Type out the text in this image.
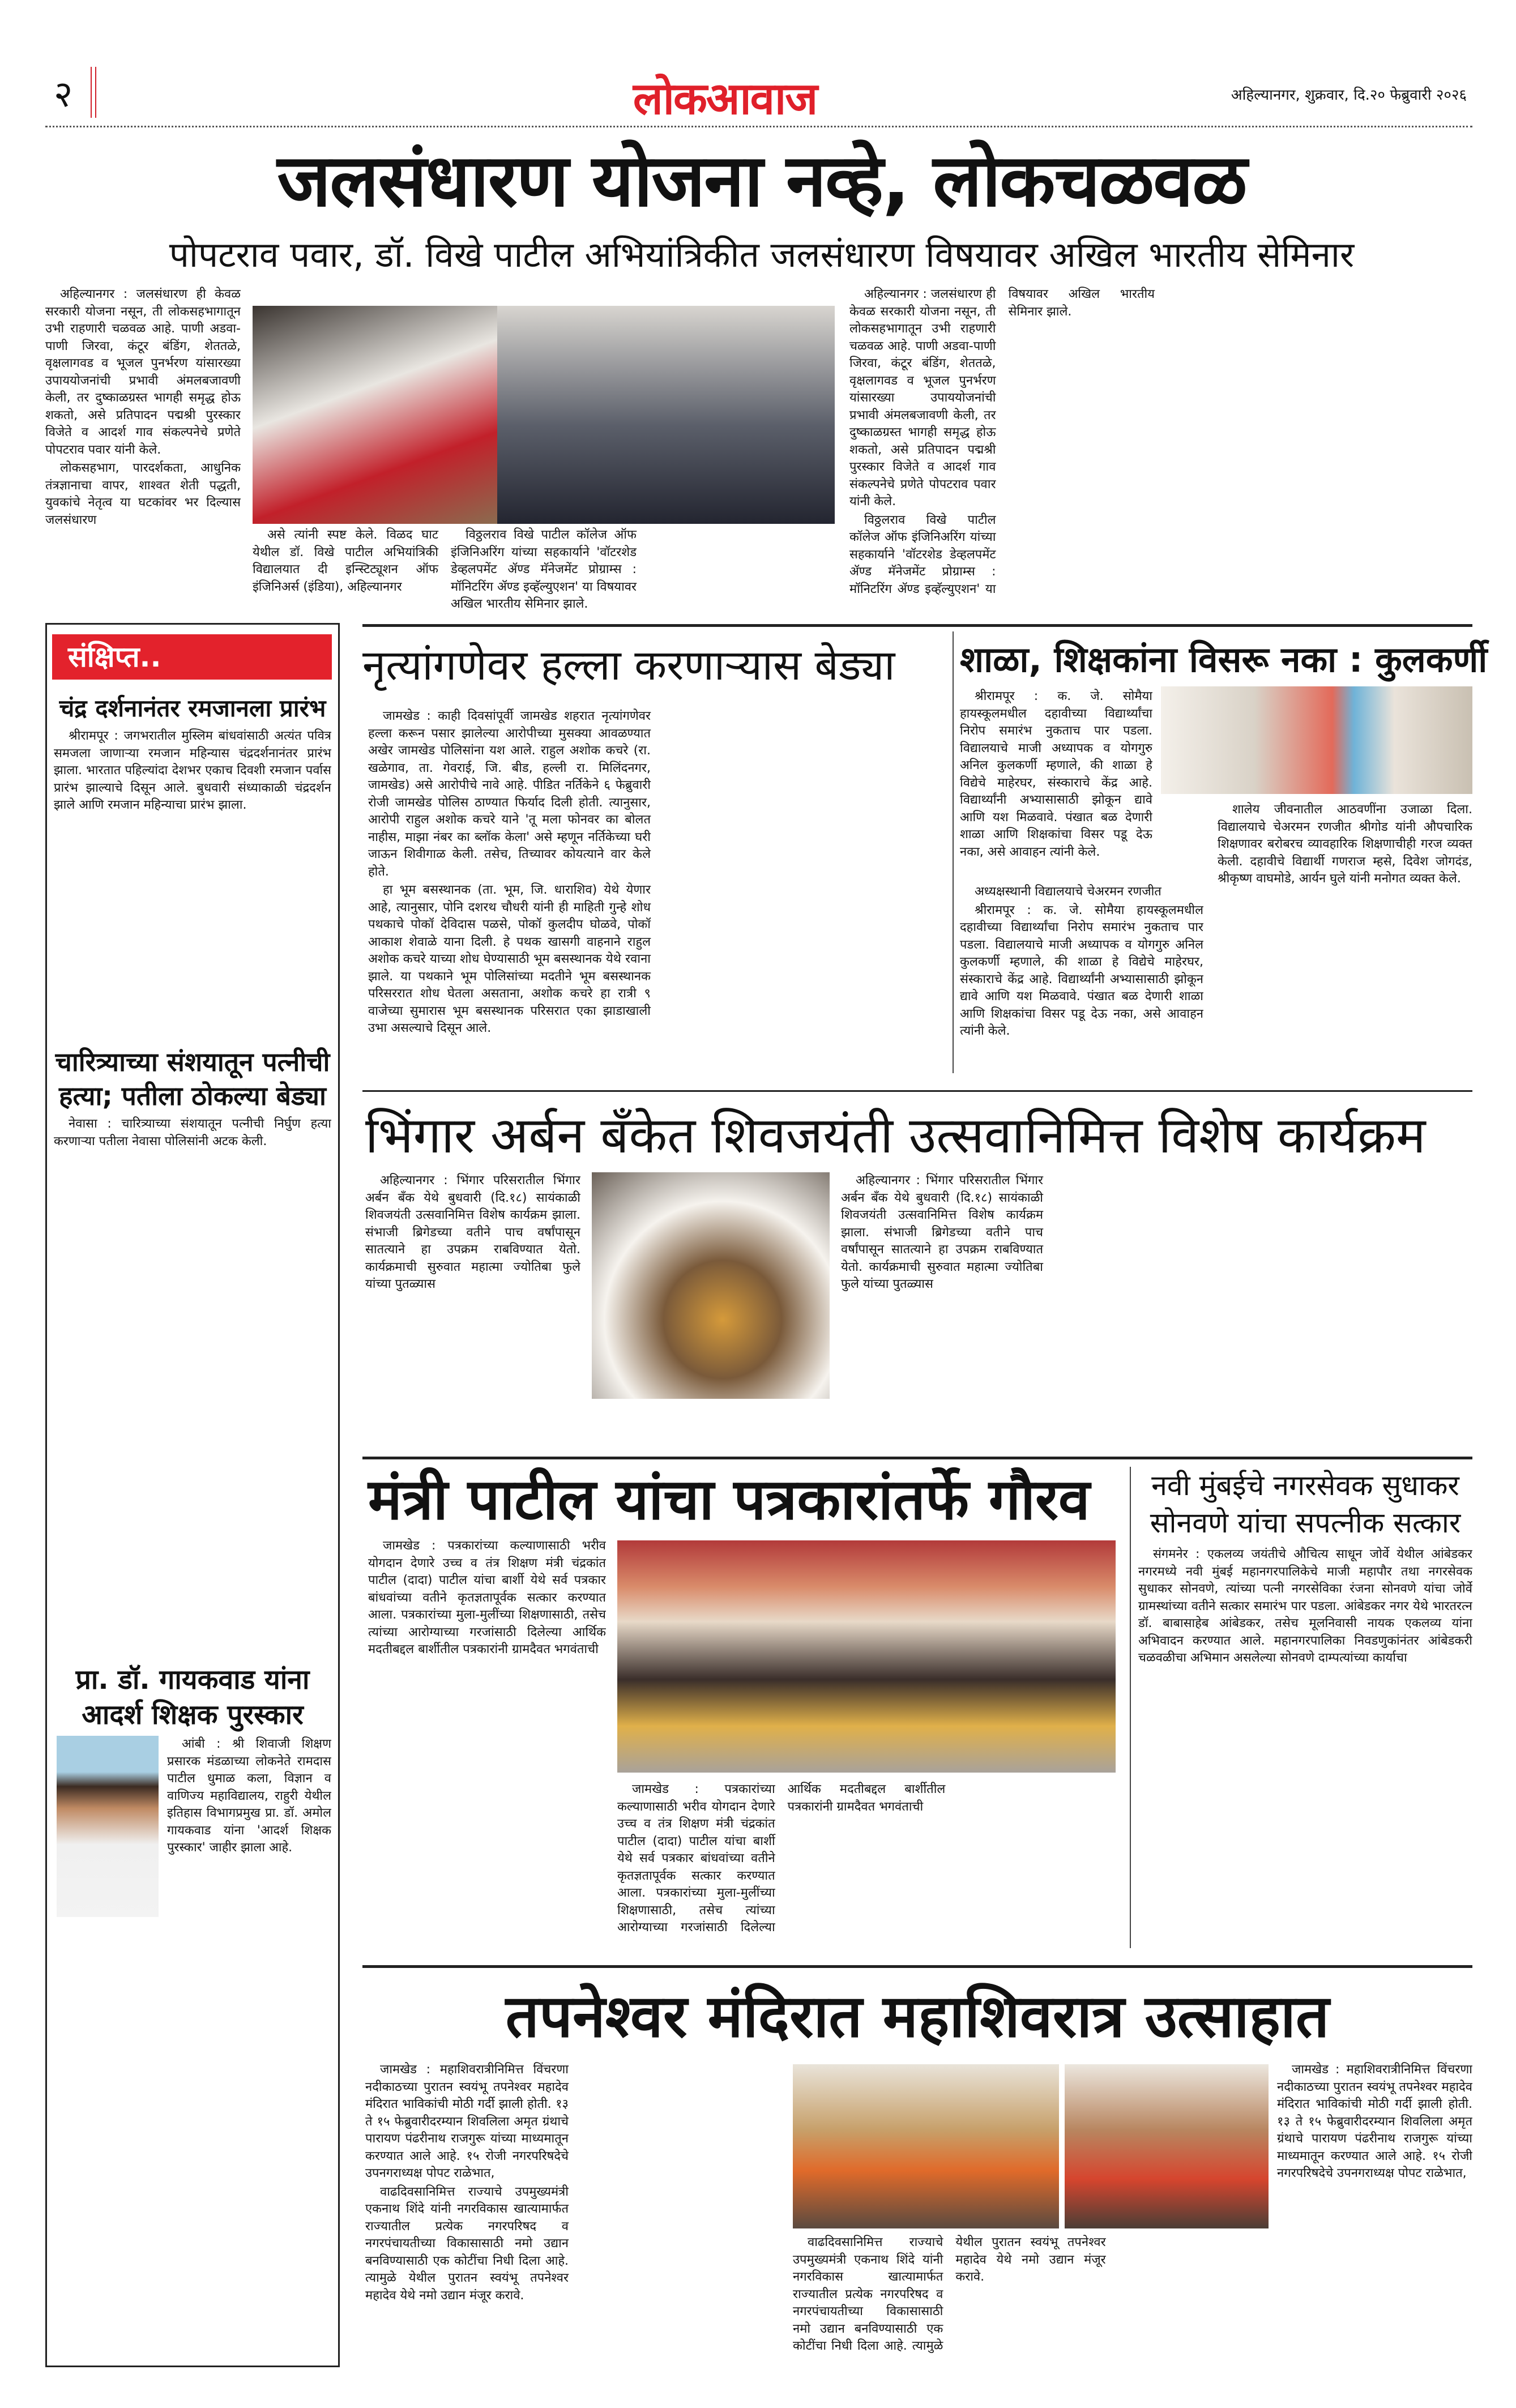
२	लोकआवाज	अहिल्यानगर, शुक्रवार, दि.२० फेब्रुवारी २०२६
जलसंधारण योजना नव्हे, लोकचळवळ
पोपटराव पवार, डॉ. विखे पाटील अभियांत्रिकीत जलसंधारण विषयावर अखिल भारतीय सेमिनार

अहिल्यानगर : जलसंधारण ही केवळ सरकारी योजना नसून, ती लोकसहभागातून उभी राहणारी चळवळ आहे. पाणी अडवा-पाणी जिरवा, कंटूर बंडिंग, शेततळे, वृक्षलागवड व भूजल पुनर्भरण यांसारख्या उपाययोजनांची प्रभावी अंमलबजावणी केली, तर दुष्काळग्रस्त भागही समृद्ध होऊ शकतो, असे प्रतिपादन पद्मश्री पुरस्कार विजेते व आदर्श गाव संकल्पनेचे प्रणेते पोपटराव पवार यांनी केले.

लोकसहभाग, पारदर्शकता, आधुनिक तंत्रज्ञानाचा वापर, शाश्वत शेती पद्धती, युवकांचे नेतृत्व या घटकांवर भर दिल्यास जलसंधारण

असे त्यांनी स्पष्ट केले. विळद घाट येथील डॉ. विखे पाटील अभियांत्रिकी विद्यालयात दी इन्स्टिट्यूशन ऑफ इंजिनिअर्स (इंडिया), अहिल्यानगर

विठ्ठलराव विखे पाटील कॉलेज ऑफ इंजिनिअरिंग यांच्या सहकार्याने 'वॉटरशेड डेव्हलपमेंट ॲण्ड मॅनेजमेंट प्रोग्राम्स : मॉनिटरिंग ॲण्ड इव्हॅल्युएशन' या विषयावर अखिल भारतीय सेमिनार झाले.

अहिल्यानगर : जलसंधारण ही केवळ सरकारी योजना नसून, ती लोकसहभागातून उभी राहणारी चळवळ आहे. पाणी अडवा-पाणी जिरवा, कंटूर बंडिंग, शेततळे, वृक्षलागवड व भूजल पुनर्भरण यांसारख्या उपाययोजनांची प्रभावी अंमलबजावणी केली, तर दुष्काळग्रस्त भागही समृद्ध होऊ शकतो, असे प्रतिपादन पद्मश्री पुरस्कार विजेते व आदर्श गाव संकल्पनेचे प्रणेते पोपटराव पवार यांनी केले.

विठ्ठलराव विखे पाटील कॉलेज ऑफ इंजिनिअरिंग यांच्या सहकार्याने 'वॉटरशेड डेव्हलपमेंट ॲण्ड मॅनेजमेंट प्रोग्राम्स : मॉनिटरिंग ॲण्ड इव्हॅल्युएशन' या विषयावर अखिल भारतीय सेमिनार झाले.

संक्षिप्त..
चंद्र दर्शनानंतर रमजानला प्रारंभ

श्रीरामपूर : जगभरातील मुस्लिम बांधवांसाठी अत्यंत पवित्र समजला जाणाऱ्या रमजान महिन्यास चंद्रदर्शनानंतर प्रारंभ झाला. भारतात पहिल्यांदा देशभर एकाच दिवशी रमजान पर्वास प्रारंभ झाल्याचे दिसून आले. बुधवारी संध्याकाळी चंद्रदर्शन झाले आणि रमजान महिन्याचा प्रारंभ झाला.

चारित्र्याच्या संशयातून पत्नीची हत्या; पतीला ठोकल्या बेड्या

नेवासा : चारित्र्याच्या संशयातून पत्नीची निर्घुण हत्या करणाऱ्या पतीला नेवासा पोलिसांनी अटक केली.

प्रा. डॉ. गायकवाड यांना आदर्श शिक्षक पुरस्कार

आंबी : श्री शिवाजी शिक्षण प्रसारक मंडळाच्या लोकनेते रामदास पाटील धुमाळ कला, विज्ञान व वाणिज्य महाविद्यालय, राहुरी येथील इतिहास विभागप्रमुख प्रा. डॉ. अमोल गायकवाड यांना 'आदर्श शिक्षक पुरस्कार' जाहीर झाला आहे.

नृत्यांगणेवर हल्ला करणाऱ्यास बेड्या

जामखेड : काही दिवसांपूर्वी जामखेड शहरात नृत्यांगणेवर हल्ला करून पसार झालेल्या आरोपीच्या मुसक्या आवळण्यात अखेर जामखेड पोलिसांना यश आले. राहुल अशोक कचरे (रा. खळेगाव, ता. गेवराई, जि. बीड, हल्ली रा. मिलिंदनगर, जामखेड) असे आरोपीचे नावे आहे. पीडित नर्तिकेने ६ फेब्रुवारी रोजी जामखेड पोलिस ठाण्यात फिर्याद दिली होती. त्यानुसार, आरोपी राहुल अशोक कचरे याने 'तू मला फोनवर का बोलत नाहीस, माझा नंबर का ब्लॉक केला' असे म्हणून नर्तिकेच्या घरी जाऊन शिवीगाळ केली. तसेच, तिच्यावर कोयत्याने वार केले होते.

हा भूम बसस्थानक (ता. भूम, जि. धाराशिव) येथे येणार आहे, त्यानुसार, पोनि दशरथ चौधरी यांनी ही माहिती गुन्हे शोध पथकाचे पोकॉ देविदास पळसे, पोकॉ कुलदीप घोळवे, पोकॉ आकाश शेवाळे याना दिली. हे पथक खासगी वाहनाने राहुल अशोक कचरे याच्या शोध घेण्यासाठी भूम बसस्थानक येथे रवाना झाले. या पथकाने भूम पोलिसांच्या मदतीने भूम बसस्थानक परिसररात शोध घेतला असताना, अशोक कचरे हा रात्री ९ वाजेच्या सुमारास भूम बसस्थानक परिसरात एका झाडाखाली उभा असल्याचे दिसून आले.

शाळा, शिक्षकांना विसरू नका : कुलकर्णी

श्रीरामपूर : क. जे. सोमैया हायस्कूलमधील दहावीच्या विद्यार्थ्यांचा निरोप समारंभ नुकताच पार पडला. विद्यालयाचे माजी अध्यापक व योगगुरु अनिल कुलकर्णी म्हणाले, की शाळा हे विद्येचे माहेरघर, संस्काराचे केंद्र आहे. विद्यार्थ्यांनी अभ्यासासाठी झोकून द्यावे आणि यश मिळवावे. पंखात बळ देणारी शाळा आणि शिक्षकांचा विसर पडू देऊ नका, असे आवाहन त्यांनी केले.

अध्यक्षस्थानी विद्यालयाचे चेअरमन रणजीत

श्रीरामपूर : क. जे. सोमैया हायस्कूलमधील दहावीच्या विद्यार्थ्यांचा निरोप समारंभ नुकताच पार पडला. विद्यालयाचे माजी अध्यापक व योगगुरु अनिल कुलकर्णी म्हणाले, की शाळा हे विद्येचे माहेरघर, संस्काराचे केंद्र आहे. विद्यार्थ्यांनी अभ्यासासाठी झोकून द्यावे आणि यश मिळवावे. पंखात बळ देणारी शाळा आणि शिक्षकांचा विसर पडू देऊ नका, असे आवाहन त्यांनी केले.

शालेय जीवनातील आठवणींना उजाळा दिला. विद्यालयाचे चेअरमन रणजीत श्रीगोड यांनी औपचारिक शिक्षणावर बरोबरच व्यावहारिक शिक्षणाचीही गरज व्यक्त केली. दहावीचे विद्यार्थी गणराज म्हसे, दिवेश जोगदंड, श्रीकृष्ण वाघमोडे, आर्यन घुले यांनी मनोगत व्यक्त केले.

भिंगार अर्बन बँकेत शिवजयंती उत्सवानिमित्त विशेष कार्यक्रम

अहिल्यानगर : भिंगार परिसरातील भिंगार अर्बन बँक येथे बुधवारी (दि.१८) सायंकाळी शिवजयंती उत्सवानिमित्त विशेष कार्यक्रम झाला. संभाजी ब्रिगेडच्या वतीने पाच वर्षांपासून सातत्याने हा उपक्रम राबविण्यात येतो. कार्यक्रमाची सुरुवात महात्मा ज्योतिबा फुले यांच्या पुतळ्यास

अहिल्यानगर : भिंगार परिसरातील भिंगार अर्बन बँक येथे बुधवारी (दि.१८) सायंकाळी शिवजयंती उत्सवानिमित्त विशेष कार्यक्रम झाला. संभाजी ब्रिगेडच्या वतीने पाच वर्षांपासून सातत्याने हा उपक्रम राबविण्यात येतो. कार्यक्रमाची सुरुवात महात्मा ज्योतिबा फुले यांच्या पुतळ्यास

मंत्री पाटील यांचा पत्रकारांतर्फे गौरव

जामखेड : पत्रकारांच्या कल्याणासाठी भरीव योगदान देणारे उच्च व तंत्र शिक्षण मंत्री चंद्रकांत पाटील (दादा) पाटील यांचा बार्शी येथे सर्व पत्रकार बांधवांच्या वतीने कृतज्ञतापूर्वक सत्कार करण्यात आला. पत्रकारांच्या मुला-मुलींच्या शिक्षणासाठी, तसेच त्यांच्या आरोग्याच्या गरजांसाठी दिलेल्या आर्थिक मदतीबद्दल बार्शीतील पत्रकारांनी ग्रामदैवत भगवंताची

जामखेड : पत्रकारांच्या कल्याणासाठी भरीव योगदान देणारे उच्च व तंत्र शिक्षण मंत्री चंद्रकांत पाटील (दादा) पाटील यांचा बार्शी येथे सर्व पत्रकार बांधवांच्या वतीने कृतज्ञतापूर्वक सत्कार करण्यात आला. पत्रकारांच्या मुला-मुलींच्या शिक्षणासाठी, तसेच त्यांच्या आरोग्याच्या गरजांसाठी दिलेल्या आर्थिक मदतीबद्दल बार्शीतील पत्रकारांनी ग्रामदैवत भगवंताची

नवी मुंबईचे नगरसेवक सुधाकर सोनवणे यांचा सपत्नीक सत्कार

संगमनेर : एकलव्य जयंतीचे औचित्य साधून जोर्वे येथील आंबेडकर नगरमध्ये नवी मुंबई महानगरपालिकेचे माजी महापौर तथा नगरसेवक सुधाकर सोनवणे, त्यांच्या पत्नी नगरसेविका रंजना सोनवणे यांचा जोर्वे ग्रामस्थांच्या वतीने सत्कार समारंभ पार पडला. आंबेडकर नगर येथे भारतरत्न डॉ. बाबासाहेब आंबेडकर, तसेच मूलनिवासी नायक एकलव्य यांना अभिवादन करण्यात आले. महानगरपालिका निवडणुकांनंतर आंबेडकरी चळवळीचा अभिमान असलेल्या सोनवणे दाम्पत्यांच्या कार्याचा

तपनेश्वर मंदिरात महाशिवरात्र उत्साहात

जामखेड : महाशिवरात्रीनिमित्त विंचरणा नदीकाठच्या पुरातन स्वयंभू तपनेश्वर महादेव मंदिरात भाविकांची मोठी गर्दी झाली होती. १३ ते १५ फेब्रुवारीदरम्यान शिवलिला अमृत ग्रंथाचे पारायण पंढरीनाथ राजगुरू यांच्या माध्यमातून करण्यात आले आहे. १५ रोजी नगरपरिषदेचे उपनगराध्यक्ष पोपट राळेभात,

वाढदिवसानिमित्त राज्याचे उपमुख्यमंत्री एकनाथ शिंदे यांनी नगरविकास खात्यामार्फत राज्यातील प्रत्येक नगरपरिषद व नगरपंचायतीच्या विकासासाठी नमो उद्यान बनविण्यासाठी एक कोटींचा निधी दिला आहे. त्यामुळे येथील पुरातन स्वयंभू तपनेश्वर महादेव येथे नमो उद्यान मंजूर करावे.

वाढदिवसानिमित्त राज्याचे उपमुख्यमंत्री एकनाथ शिंदे यांनी नगरविकास खात्यामार्फत राज्यातील प्रत्येक नगरपरिषद व नगरपंचायतीच्या विकासासाठी नमो उद्यान बनविण्यासाठी एक कोटींचा निधी दिला आहे. त्यामुळे येथील पुरातन स्वयंभू तपनेश्वर महादेव येथे नमो उद्यान मंजूर करावे.

जामखेड : महाशिवरात्रीनिमित्त विंचरणा नदीकाठच्या पुरातन स्वयंभू तपनेश्वर महादेव मंदिरात भाविकांची मोठी गर्दी झाली होती. १३ ते १५ फेब्रुवारीदरम्यान शिवलिला अमृत ग्रंथाचे पारायण पंढरीनाथ राजगुरू यांच्या माध्यमातून करण्यात आले आहे. १५ रोजी नगरपरिषदेचे उपनगराध्यक्ष पोपट राळेभात,
